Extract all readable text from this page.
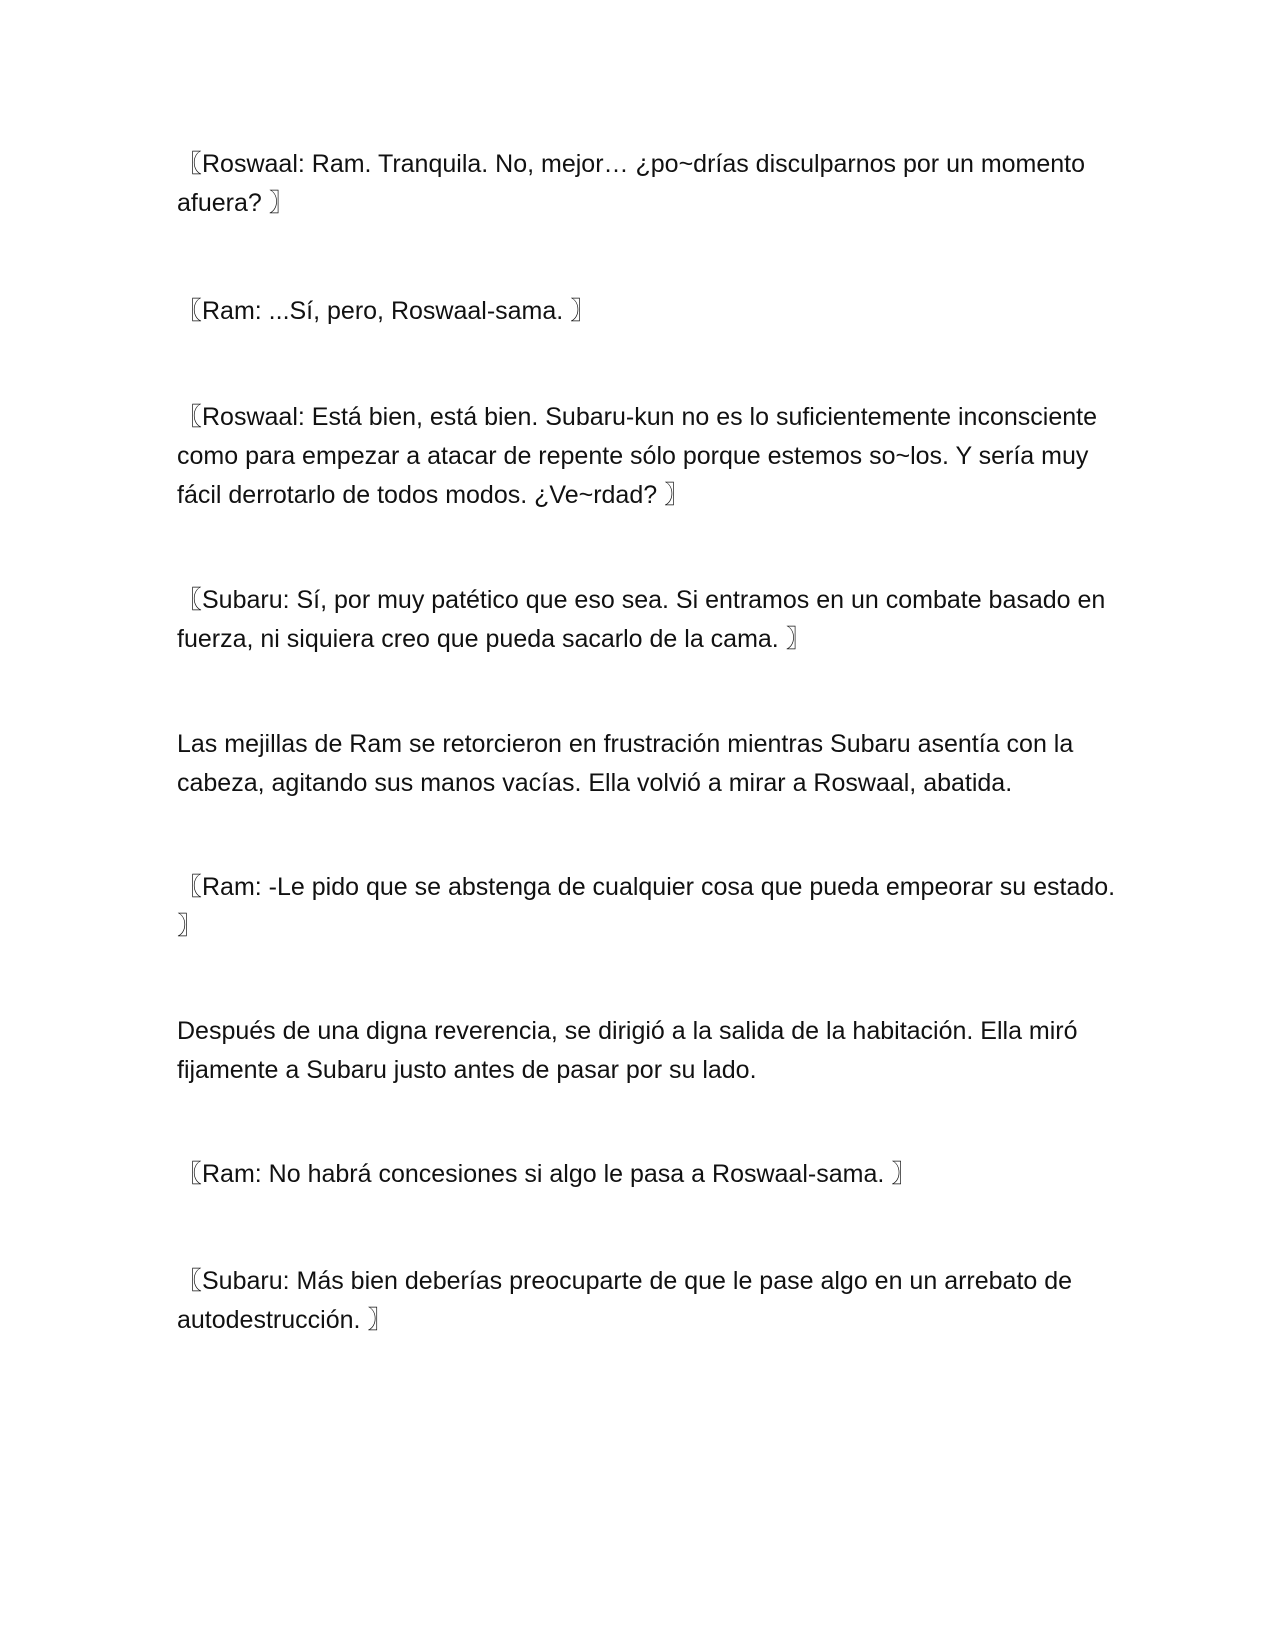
〖Roswaal: Ram. Tranquila. No, mejor… ¿po~drías disculparnos por un momento afuera? 〗

〖Ram: ...Sí, pero, Roswaal-sama. 〗

〖Roswaal: Está bien, está bien. Subaru-kun no es lo suficientemente inconsciente como para empezar a atacar de repente sólo porque estemos so~los. Y sería muy fácil derrotarlo de todos modos. ¿Ve~rdad? 〗

〖Subaru: Sí, por muy patético que eso sea. Si entramos en un combate basado en fuerza, ni siquiera creo que pueda sacarlo de la cama. 〗

Las mejillas de Ram se retorcieron en frustración mientras Subaru asentía con la cabeza, agitando sus manos vacías. Ella volvió a mirar a Roswaal, abatida.

〖Ram: -Le pido que se abstenga de cualquier cosa que pueda empeorar su estado. 〗

Después de una digna reverencia, se dirigió a la salida de la habitación. Ella miró fijamente a Subaru justo antes de pasar por su lado.

〖Ram: No habrá concesiones si algo le pasa a Roswaal-sama. 〗

〖Subaru: Más bien deberías preocuparte de que le pase algo en un arrebato de autodestrucción. 〗
